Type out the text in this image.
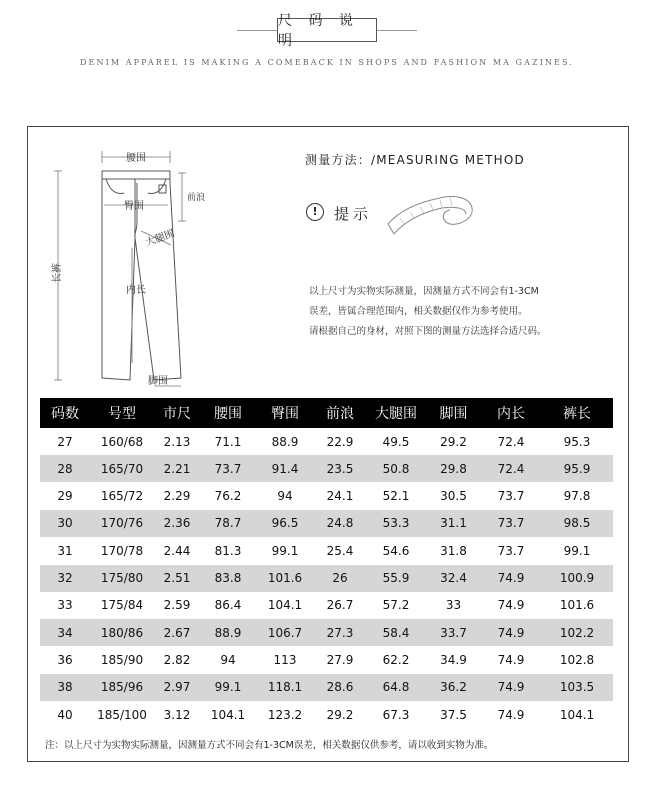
尺 码 说 明
DENIM APPAREL IS MAKING A COMEBACK IN SHOPS AND FASHION MA GAZINES.
腰围
臀围
前浪
大腿围
内长
长裤
脚围
测量方法：/MEASURING METHOD
!	提示
以上尺寸为实物实际测量，因测量方式不同会有1-3CM
误差，皆属合理范围内，相关数据仅作为参考使用。
请根据自己的身材，对照下图的测量方法选择合适尺码。
码数	号型	市尺	腰围	臀围	前浪	大腿围	脚围	内长	裤长
27	160/68	2.13	71.1	88.9	22.9	49.5	29.2	72.4	95.3
28	165/70	2.21	73.7	91.4	23.5	50.8	29.8	72.4	95.9
29	165/72	2.29	76.2	94	24.1	52.1	30.5	73.7	97.8
30	170/76	2.36	78.7	96.5	24.8	53.3	31.1	73.7	98.5
31	170/78	2.44	81.3	99.1	25.4	54.6	31.8	73.7	99.1
32	175/80	2.51	83.8	101.6	26	55.9	32.4	74.9	100.9
33	175/84	2.59	86.4	104.1	26.7	57.2	33	74.9	101.6
34	180/86	2.67	88.9	106.7	27.3	58.4	33.7	74.9	102.2
36	185/90	2.82	94	113	27.9	62.2	34.9	74.9	102.8
38	185/96	2.97	99.1	118.1	28.6	64.8	36.2	74.9	103.5
40	185/100	3.12	104.1	123.2	29.2	67.3	37.5	74.9	104.1
注：以上尺寸为实物实际测量，因测量方式不同会有1-3CM误差，相关数据仅供参考，请以收到实物为准。
